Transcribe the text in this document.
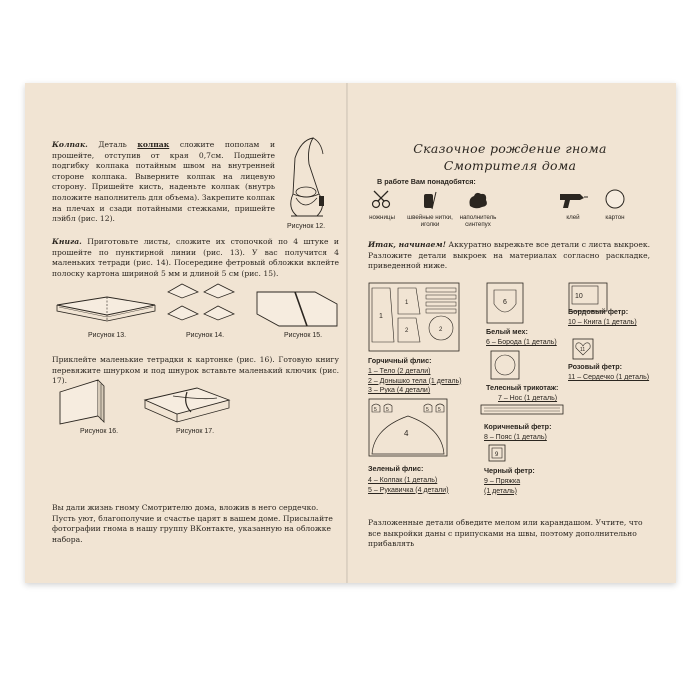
Колпак. Деталь колпак сложите пополам и прошейте, отступив от края 0,7см. Подшейте подгибку колпака потайным швом на внутренней стороне колпака. Выверните колпак на лицевую сторону. Пришейте кисть, наденьте колпак (внутрь положите наполнитель для объема). Закрепите колпак на плечах и сзади потайными стежками, пришейте лэйбл (рис. 12).
Рисунок 12.
Книга. Приготовьте листы, сложите их стопочкой по 4 штуке и прошейте по пунктирной линии (рис. 13). У вас получится 4 маленьких тетради (рис. 14). Посередине фетровый обложки вклейте полоску картона шириной 5 мм и длиной 5 см (рис. 15).
Рисунок 13.	Рисунок 14.	Рисунок 15.
Приклейте маленькие тетрадки к картонке (рис. 16). Готовую книгу перевяжите шнурком и под шнурок вставьте маленький ключик (рис. 17).
Рисунок 16.	Рисунок 17.
Вы дали жизнь гному Смотрителю дома, вложив в него сердечко. Пусть уют, благополучие и счастье царят в вашем доме. Присылайте фотографии гнома в нашу группу ВКонтакте, указанную на обложке набора.
Сказочное рождение гнома
Смотрителя дома
В работе Вам понадобятся:
ножницы	швейные нитки, иголки
наполнитель синтепух
клей	картон
Итак, начинаем! Аккуратно вырежьте все детали с листа выкроек. Разложите детали выкроек на материалах согласно раскладке, приведенной ниже.
1
1
2	2
Горчичный флис:
1 – Тело (2 детали)
2 – Донышко тела (1 деталь)
3 – Рука (4 детали)
5 5	5 5
4
Зеленый флис:
4 – Колпак (1 деталь)
5 – Рукавичка (4 детали)
6
Белый мех:
6 – Борода (1 деталь)
Телесный трикотаж:
7 – Нос (1 деталь)
Коричневый фетр:
8 – Пояс (1 деталь)
9
Черный фетр:
9 – Пряжка
(1 деталь)
10
Бордовый фетр:
10 – Книга (1 деталь)
11
Розовый фетр:
11 – Сердечко (1 деталь)
Разложенные детали обведите мелом или карандашом. Учтите, что все выкройки даны с припусками на швы, поэтому дополнительно прибавлять
